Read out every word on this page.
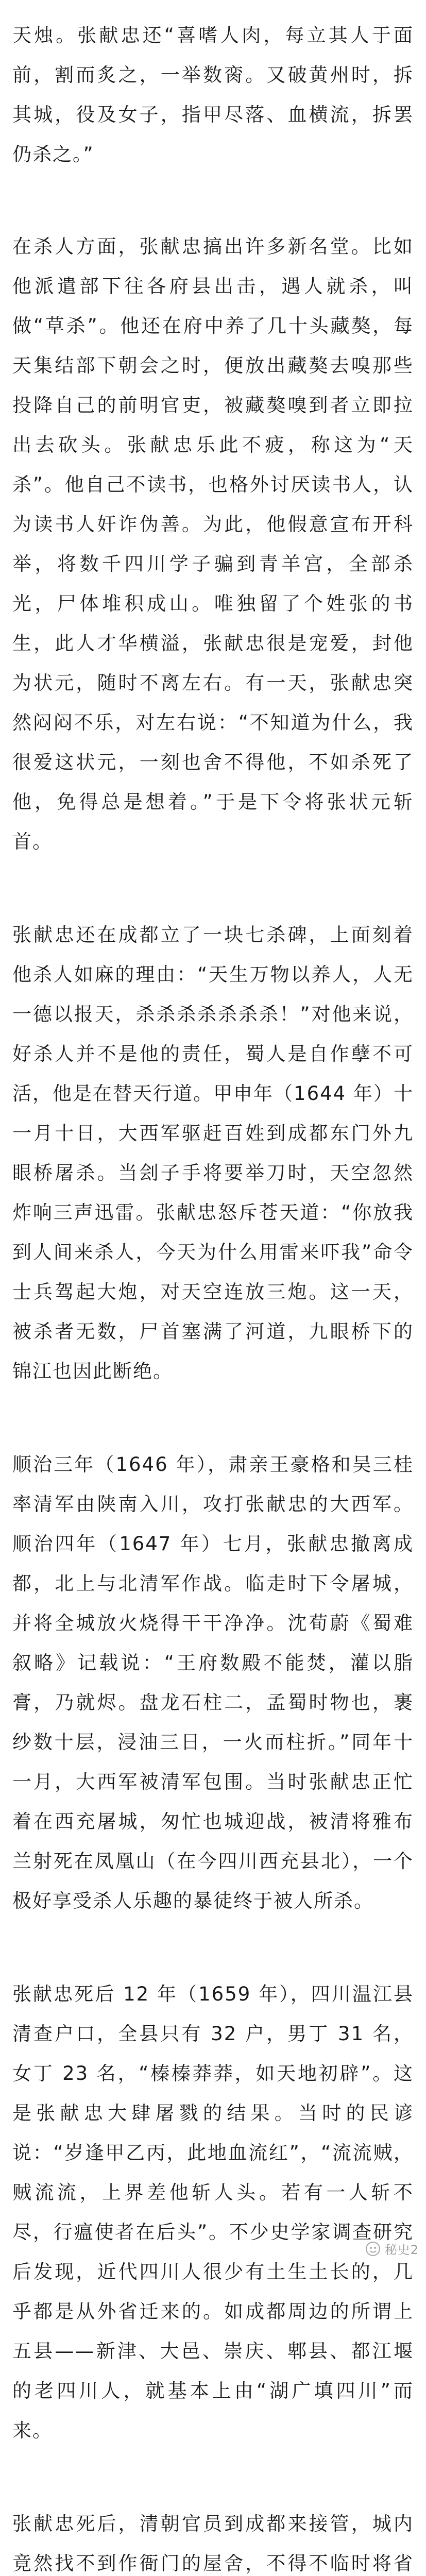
天烛。张献忠还“喜嗜人肉，每立其人于面前，割而炙之，一举数脔。又破黄州时，拆其城，役及女子，指甲尽落、血横流，拆罢仍杀之。”

在杀人方面，张献忠搞出许多新名堂。比如他派遣部下往各府县出击，遇人就杀，叫做“草杀”。他还在府中养了几十头藏獒，每天集结部下朝会之时，便放出藏獒去嗅那些投降自己的前明官吏，被藏獒嗅到者立即拉出去砍头。张献忠乐此不疲，称这为“天杀”。他自己不读书，也格外讨厌读书人，认为读书人奸诈伪善。为此，他假意宣布开科举，将数千四川学子骗到青羊宫，全部杀光，尸体堆积成山。唯独留了个姓张的书生，此人才华横溢，张献忠很是宠爱，封他为状元，随时不离左右。有一天，张献忠突然闷闷不乐，对左右说：“不知道为什么，我很爱这状元，一刻也舍不得他，不如杀死了他，免得总是想着。”于是下令将张状元斩首。

张献忠还在成都立了一块七杀碑，上面刻着他杀人如麻的理由：“天生万物以养人，人无一德以报天，杀杀杀杀杀杀杀！”对他来说，好杀人并不是他的责任，蜀人是自作孽不可活，他是在替天行道。甲申年（1644 年）十一月十日，大西军驱赶百姓到成都东门外九眼桥屠杀。当刽子手将要举刀时，天空忽然炸响三声迅雷。张献忠怒斥苍天道：“你放我到人间来杀人，今天为什么用雷来吓我”命令士兵驾起大炮，对天空连放三炮。这一天，被杀者无数，尸首塞满了河道，九眼桥下的锦江也因此断绝。

顺治三年（1646 年），肃亲王豪格和吴三桂率清军由陕南入川，攻打张献忠的大西军。顺治四年（1647 年）七月，张献忠撤离成都，北上与北清军作战。临走时下令屠城，并将全城放火烧得干干净净。沈荀蔚《蜀难叙略》记载说：“王府数殿不能焚，灌以脂膏，乃就烬。盘龙石柱二，孟蜀时物也，裹纱数十层，浸油三日，一火而柱折。”同年十一月，大西军被清军包围。当时张献忠正忙着在西充屠城，匆忙也城迎战，被清将雅布兰射死在凤凰山（在今四川西充县北），一个极好享受杀人乐趣的暴徒终于被人所杀。

张献忠死后 12 年（1659 年），四川温江县清查户口，全县只有 32 户，男丁 31 名，女丁 23 名，“榛榛莽莽，如天地初辟”。这是张献忠大肆屠戮的结果。当时的民谚说：“岁逢甲乙丙，此地血流红”，“流流贼，贼流流，上界差他斩人头。若有一人斩不尽，行瘟使者在后头”。不少史学家调查研究后发现，近代四川人很少有土生土长的，几乎都是从外省迁来的。如成都周边的所谓上五县——新津、大邑、崇庆、郫县、都江堰的老四川人，就基本上由“湖广填四川”而来。

张献忠死后，清朝官员到成都来接管，城内竟然找不到作衙门的屋舍，不得不临时将省

秘史2
